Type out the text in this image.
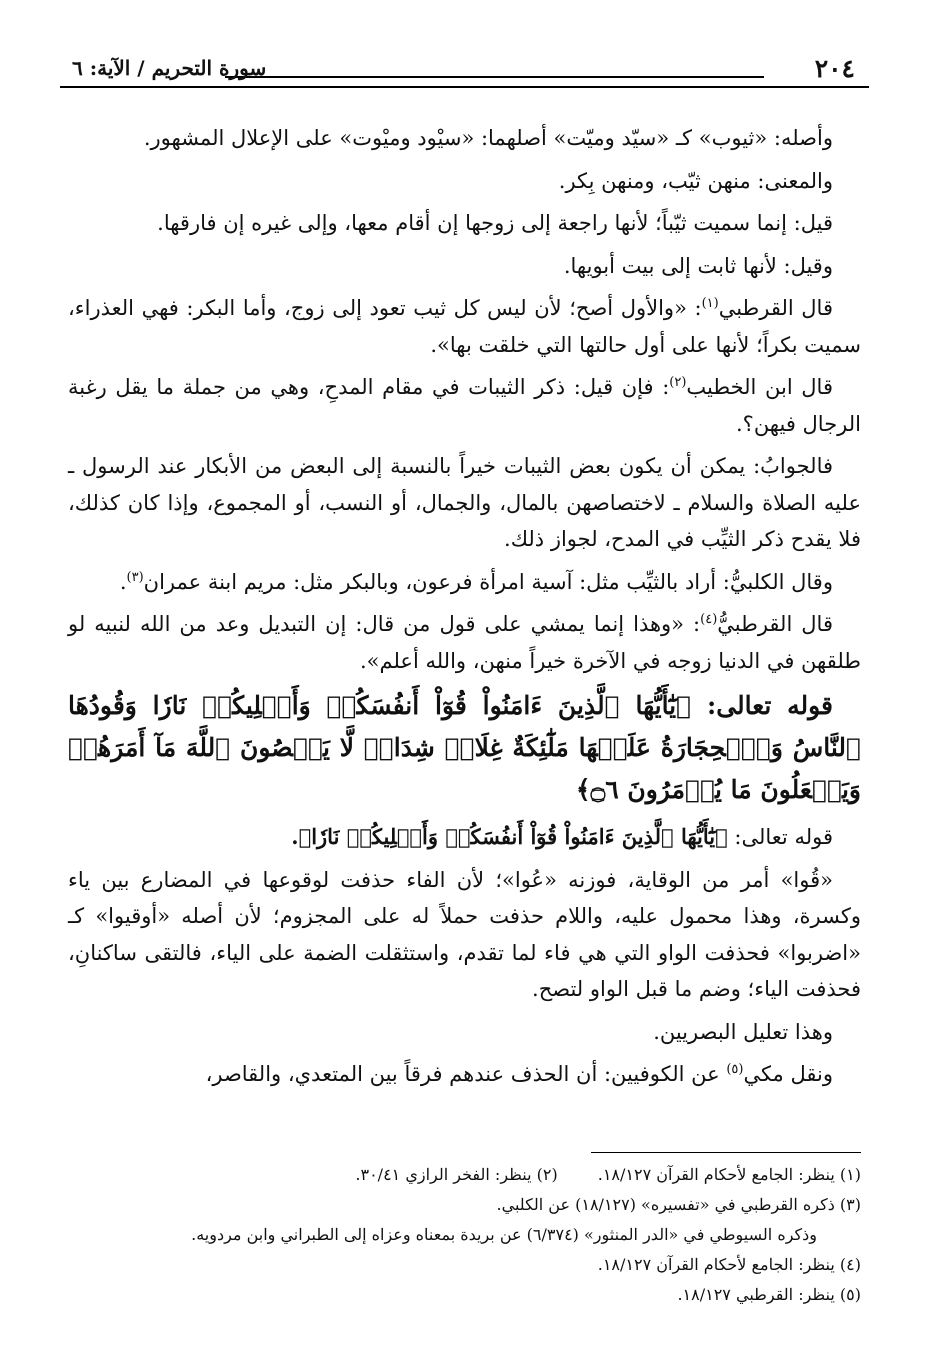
٢٠٤
سورة التحريم / الآية: ٦

وأصله: «ثيوب» كـ «سيّد وميّت» أصلهما: «سيْود وميْوت» على الإعلال المشهور.

والمعنى: منهن ثيّب، ومنهن بِكر.

قيل: إنما سميت ثيّباً؛ لأنها راجعة إلى زوجها إن أقام معها، وإلى غيره إن فارقها.

وقيل: لأنها ثابت إلى بيت أبويها.

قال القرطبي$^{(١)}$: «والأول أصح؛ لأن ليس كل ثيب تعود إلى زوج، وأما البكر: فهي العذراء، سميت بكراً؛ لأنها على أول حالتها التي خلقت بها».

قال ابن الخطيب$^{(٢)}$: فإن قيل: ذكر الثيبات في مقام المدحِ، وهي من جملة ما يقل رغبة الرجال فيهن؟.

فالجوابُ: يمكن أن يكون بعض الثيبات خيراً بالنسبة إلى البعض من الأبكار عند الرسول ـ عليه الصلاة والسلام ـ لاختصاصهن بالمال، والجمال، أو النسب، أو المجموع، وإذا كان كذلك، فلا يقدح ذكر الثيِّب في المدح، لجواز ذلك.

وقال الكلبيُّ: أراد بالثيِّب مثل: آسية امرأة فرعون، وبالبكر مثل: مريم ابنة عمران$^{(٣)}$.

قال القرطبيُّ$^{(٤)}$: «وهذا إنما يمشي على قول من قال: إن التبديل وعد من الله لنبيه لو طلقهن في الدنيا زوجه في الآخرة خيراً منهن، والله أعلم».

قوله تعالى: ﴿يَٰٓأَيُّهَا ٱلَّذِينَ ءَامَنُواْ قُوٓاْ أَنفُسَكُمۡ وَأَهۡلِيكُمۡ نَارٗا وَقُودُهَا ٱلنَّاسُ وَٱلۡحِجَارَةُ عَلَيۡهَا مَلَٰٓئِكَةٌ غِلَاظٞ شِدَادٞ لَّا يَعۡصُونَ ٱللَّهَ مَآ أَمَرَهُمۡ وَيَفۡعَلُونَ مَا يُؤۡمَرُونَ ۝٦﴾

قوله تعالى: ﴿يَٰٓأَيُّهَا ٱلَّذِينَ ءَامَنُواْ قُوٓاْ أَنفُسَكُمۡ وَأَهۡلِيكُمۡ نَارٗا﴾.

«قُوا» أمر من الوقاية، فوزنه «عُوا»؛ لأن الفاء حذفت لوقوعها في المضارع بين ياء وكسرة، وهذا محمول عليه، واللام حذفت حملاً له على المجزوم؛ لأن أصله «أوقيوا» كـ «اضربوا» فحذفت الواو التي هي فاء لما تقدم، واستثقلت الضمة على الياء، فالتقى ساكنانِ، فحذفت الياء؛ وضم ما قبل الواو لتصح.

وهذا تعليل البصريين.

ونقل مكي$^{(٥)}$ عن الكوفيين: أن الحذف عندهم فرقاً بين المتعدي، والقاصر،

(١) ينظر: الجامع لأحكام القرآن ١٨/١٢٧.(٢) ينظر: الفخر الرازي ٣٠/٤١.
(٣) ذكره القرطبي في «تفسيره» (١٨/١٢٧) عن الكلبي.
وذكره السيوطي في «الدر المنثور» (٦/٣٧٤) عن بريدة بمعناه وعزاه إلى الطبراني وابن مردويه.
(٤) ينظر: الجامع لأحكام القرآن ١٨/١٢٧.
(٥) ينظر: القرطبي ١٨/١٢٧.
